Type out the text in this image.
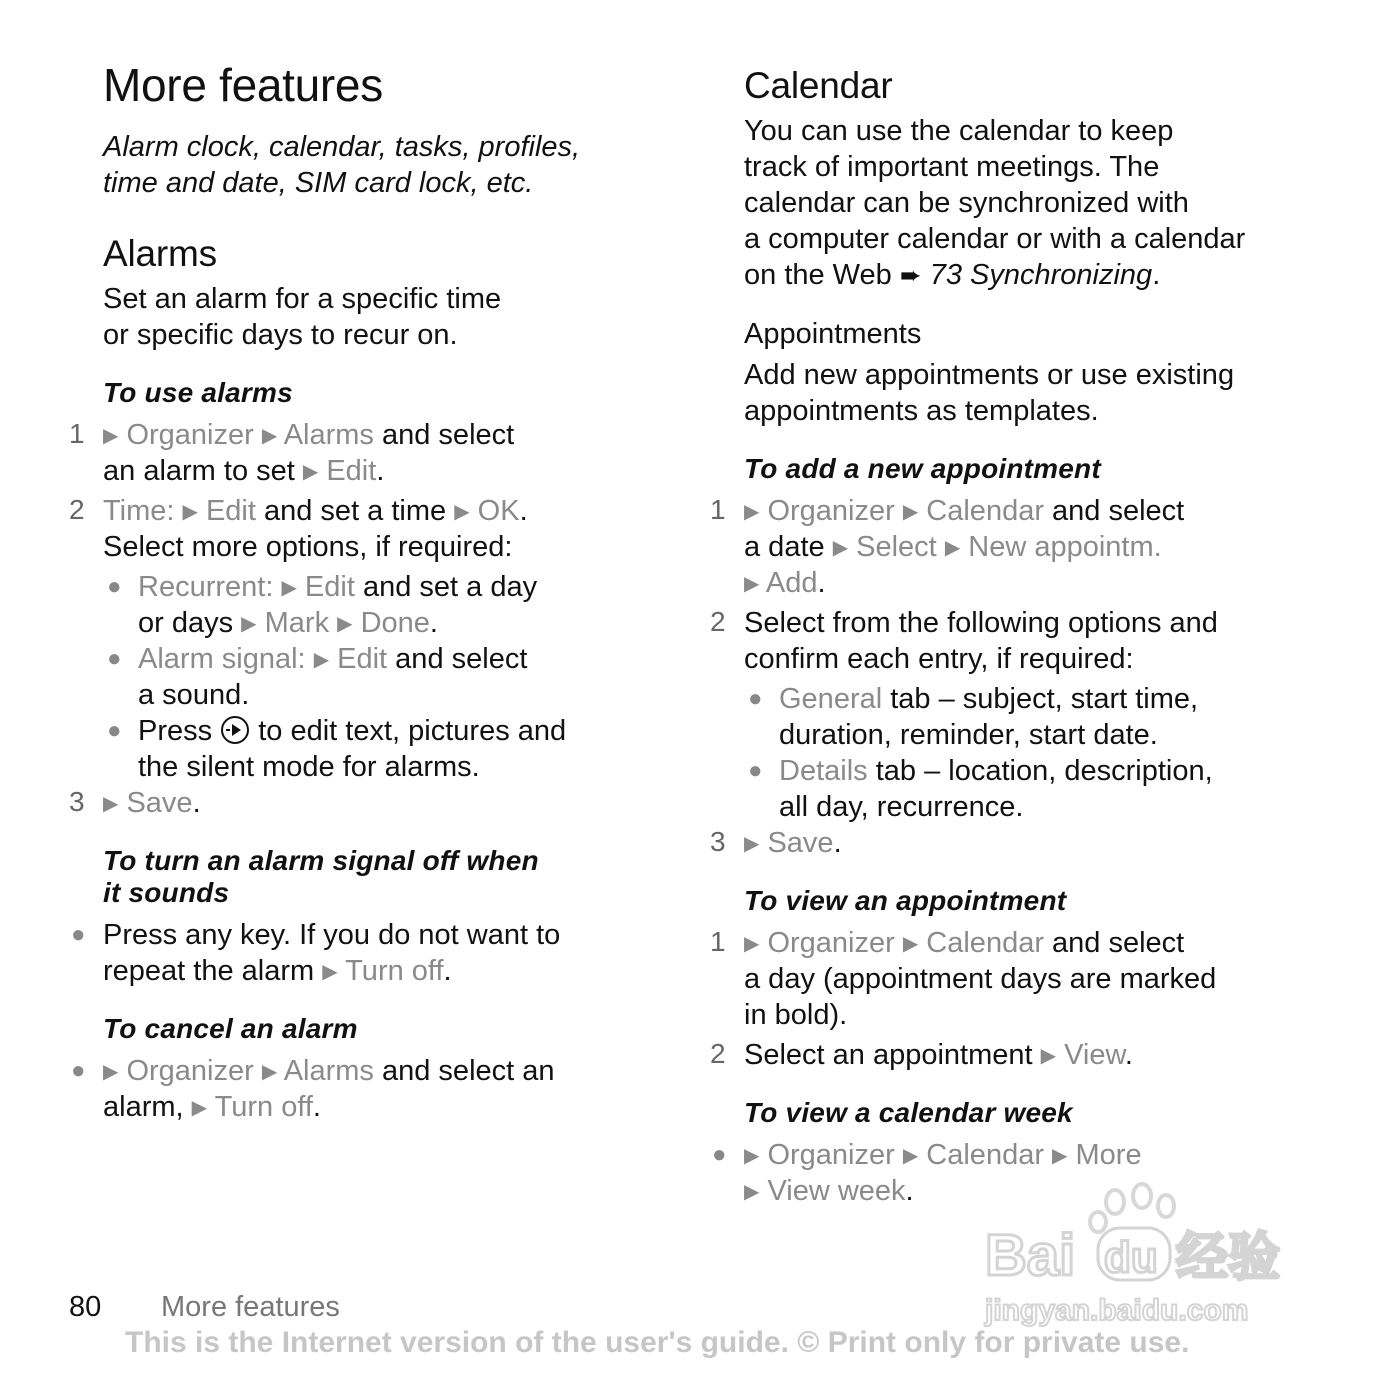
More features
Alarm clock, calendar, tasks, profiles,
time and date, SIM card lock, etc.
Alarms
Set an alarm for a specific time
or specific days to recur on.
To use alarms
1 ▶ Organizer ▶ Alarms and select
an alarm to set ▶ Edit.
2 Time: ▶ Edit and set a time ▶ OK.
Select more options, if required:
● Recurrent: ▶ Edit and set a day
or days ▶ Mark ▶ Done.
● Alarm signal: ▶ Edit and select
a sound.
● Press  to edit text, pictures and
the silent mode for alarms.
3 ▶ Save.
To turn an alarm signal off when
it sounds
● Press any key. If you do not want to
repeat the alarm ▶ Turn off.
To cancel an alarm
● ▶ Organizer ▶ Alarms and select an
alarm, ▶ Turn off.
Calendar
You can use the calendar to keep
track of important meetings. The
calendar can be synchronized with
a computer calendar or with a calendar
on the Web ➨ 73 Synchronizing.
Appointments
Add new appointments or use existing
appointments as templates.
To add a new appointment
1 ▶ Organizer ▶ Calendar and select
a date ▶ Select ▶ New appointm.
▶ Add.
2 Select from the following options and
confirm each entry, if required:
● General tab – subject, start time,
duration, reminder, start date.
● Details tab – location, description,
all day, recurrence.
3 ▶ Save.
To view an appointment
1 ▶ Organizer ▶ Calendar and select
a day (appointment days are marked
in bold).
2 Select an appointment ▶ View.
To view a calendar week
● ▶ Organizer ▶ Calendar ▶ More
▶ View week.
Bai du 经验
jingyan.baidu.com
80 More features
This is the Internet version of the user's guide. © Print only for private use.
